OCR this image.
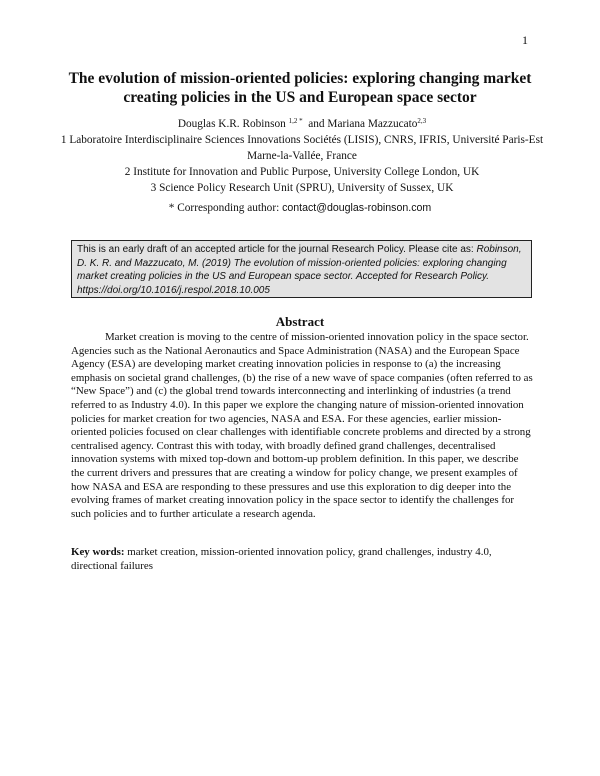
1
The evolution of mission-oriented policies: exploring changing market creating policies in the US and European space sector
Douglas K.R. Robinson $^{1,2 *}$ and Mariana Mazzucato$^{2,3}$
1 Laboratoire Interdisciplinaire Sciences Innovations Sociétés (LISIS), CNRS, IFRIS, Université Paris-Est Marne-la-Vallée, France
2 Institute for Innovation and Public Purpose, University College London, UK
3 Science Policy Research Unit (SPRU), University of Sussex, UK
* Corresponding author: contact@douglas-robinson.com
This is an early draft of an accepted article for the journal Research Policy. Please cite as: Robinson, D. K. R. and Mazzucato, M. (2019) The evolution of mission-oriented policies: exploring changing market creating policies in the US and European space sector. Accepted for Research Policy. https://doi.org/10.1016/j.respol.2018.10.005
Abstract

Market creation is moving to the centre of mission-oriented innovation policy in the space sector. Agencies such as the National Aeronautics and Space Administration (NASA) and the European Space Agency (ESA) are developing market creating innovation policies in response to (a) the increasing emphasis on societal grand challenges, (b) the rise of a new wave of space companies (often referred to as “New Space”) and (c) the global trend towards interconnecting and interlinking of industries (a trend referred to as Industry 4.0). In this paper we explore the changing nature of mission-oriented innovation policies for market creation for two agencies, NASA and ESA. For these agencies, earlier mission-oriented policies focused on clear challenges with identifiable concrete problems and directed by a strong centralised agency. Contrast this with today, with broadly defined grand challenges, decentralised innovation systems with mixed top-down and bottom-up problem definition. In this paper, we describe the current drivers and pressures that are creating a window for policy change, we present examples of how NASA and ESA are responding to these pressures and use this exploration to dig deeper into the evolving frames of market creating innovation policy in the space sector to identify the challenges for such policies and to further articulate a research agenda.

Key words: market creation, mission-oriented innovation policy, grand challenges, industry 4.0, directional failures
